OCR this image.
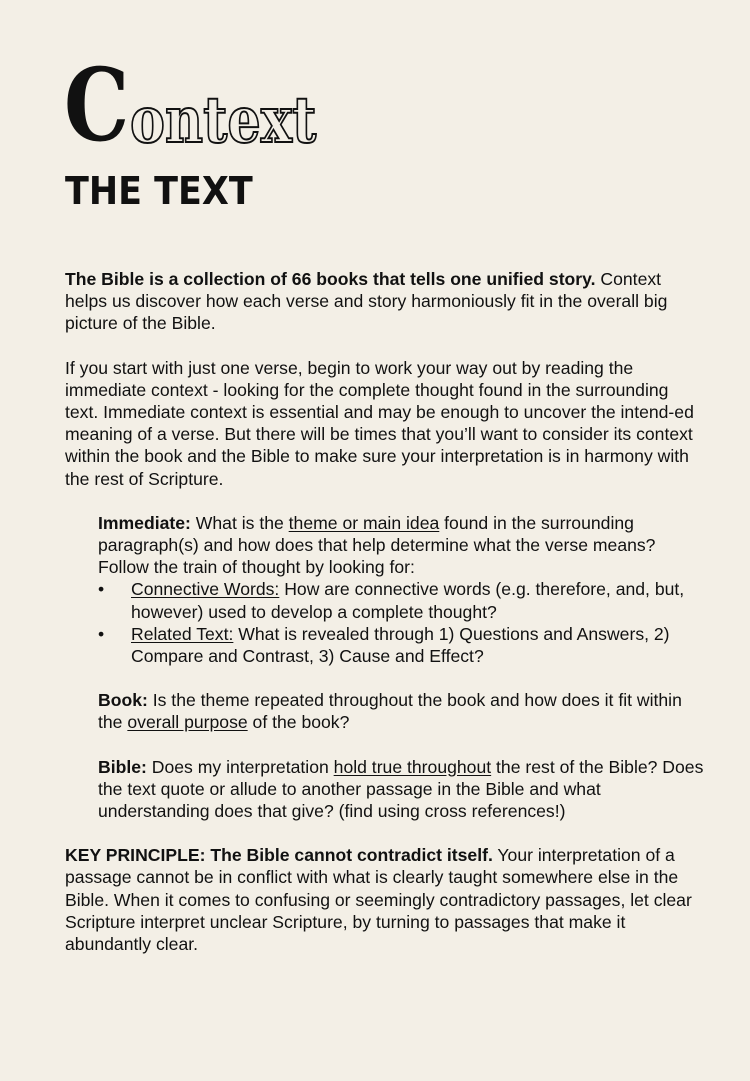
C ontext
THE TEXT

The Bible is a collection of 66 books that tells one unified story. Context helps us discover how each verse and story harmoniously fit in the overall big picture of the Bible.

If you start with just one verse, begin to work your way out by reading the immediate context - looking for the complete thought found in the surrounding text. Immediate context is essential and may be enough to uncover the intend-ed meaning of a verse. But there will be times that you’ll want to consider its context within the book and the Bible to make sure your interpretation is in harmony with the rest of Scripture.

Immediate: What is the theme or main idea found in the surrounding paragraph(s) and how does that help determine what the verse means? Follow the train of thought by looking for:

• Connective Words: How are connective words (e.g. therefore, and, but, however) used to develop a complete thought?
• Related Text: What is revealed through 1) Questions and Answers, 2) Compare and Contrast, 3) Cause and Effect?

Book: Is the theme repeated throughout the book and how does it fit within the overall purpose of the book?

Bible: Does my interpretation hold true throughout the rest of the Bible? Does the text quote or allude to another passage in the Bible and what understanding does that give? (find using cross references!)

KEY PRINCIPLE: The Bible cannot contradict itself. Your interpretation of a passage cannot be in conflict with what is clearly taught somewhere else in the Bible. When it comes to confusing or seemingly contradictory passages, let clear Scripture interpret unclear Scripture, by turning to passages that make it abundantly clear.
